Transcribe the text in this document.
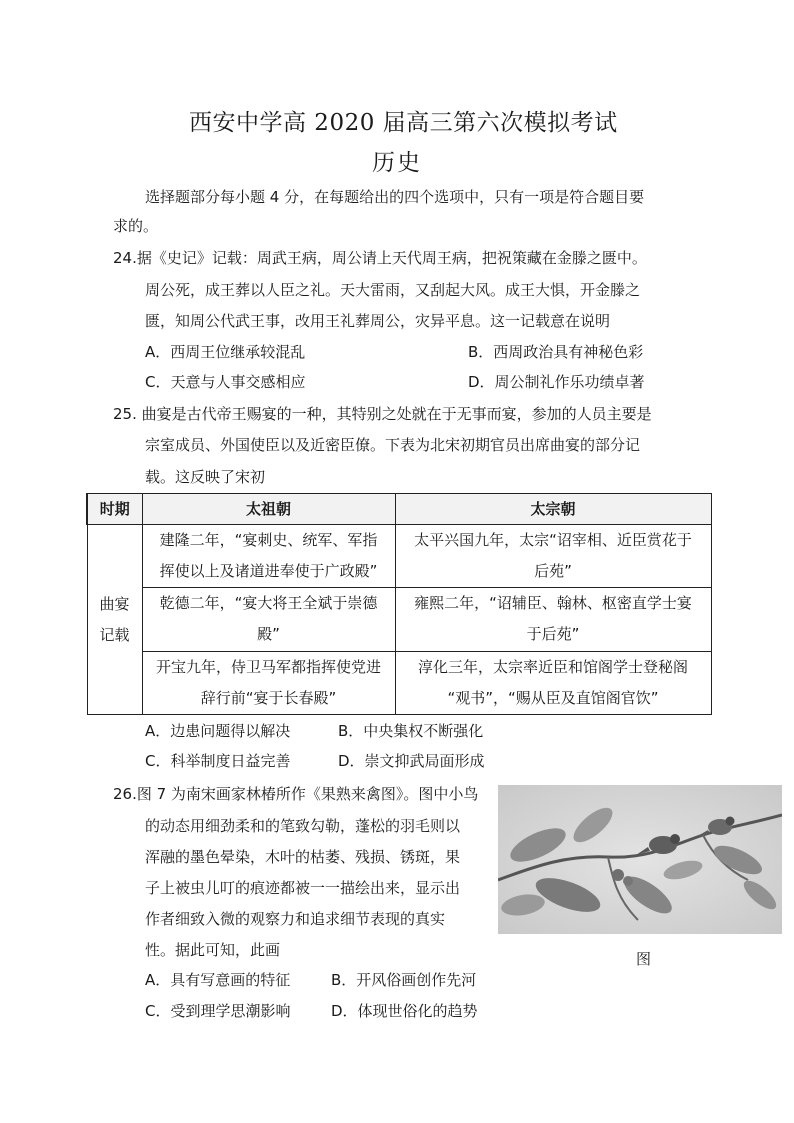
西安中学高 2020 届高三第六次模拟考试
历史
选择题部分每小题 4 分，在每题给出的四个选项中，只有一项是符合题目要
求的。
24.据《史记》记载：周武王病，周公请上天代周王病，把祝策藏在金滕之匮中。
周公死，成王葬以人臣之礼。天大雷雨，又刮起大风。成王大惧，开金滕之
匮，知周公代武王事，改用王礼葬周公，灾异平息。这一记载意在说明
A．西周王位继承较混乱	B．西周政治具有神秘色彩
C．天意与人事交感相应	D．周公制礼作乐功绩卓著
25. 曲宴是古代帝王赐宴的一种，其特别之处就在于无事而宴，参加的人员主要是
宗室成员、外国使臣以及近密臣僚。下表为北宋初期官员出席曲宴的部分记
载。这反映了宋初
时期	太祖朝	太宗朝

曲宴
记载	建隆二年，“宴刺史、统军、军指
挥使以上及诸道进奉使于广政殿”	太平兴国九年，太宗“诏宰相、近臣赏花于
后苑”

	乾德二年，“宴大将王全斌于崇德
殿”	雍熙二年，“诏辅臣、翰林、枢密直学士宴
于后苑”

	开宝九年，侍卫马军都指挥使党进
辞行前“宴于长春殿”	淳化三年，太宗率近臣和馆阁学士登秘阁
“观书”，“赐从臣及直馆阁官饮”
A．边患问题得以解决	B．中央集权不断强化
C．科举制度日益完善	D．崇文抑武局面形成
26.图 7 为南宋画家林椿所作《果熟来禽图》。图中小鸟
的动态用细劲柔和的笔致勾勒，蓬松的羽毛则以
浑融的墨色晕染，木叶的枯萎、残损、锈斑，果
子上被虫儿叮的痕迹都被一一描绘出来，显示出
作者细致入微的观察力和追求细节表现的真实
性。据此可知，此画	图
A．具有写意画的特征	B．开风俗画创作先河
C．受到理学思潮影响	D．体现世俗化的趋势
